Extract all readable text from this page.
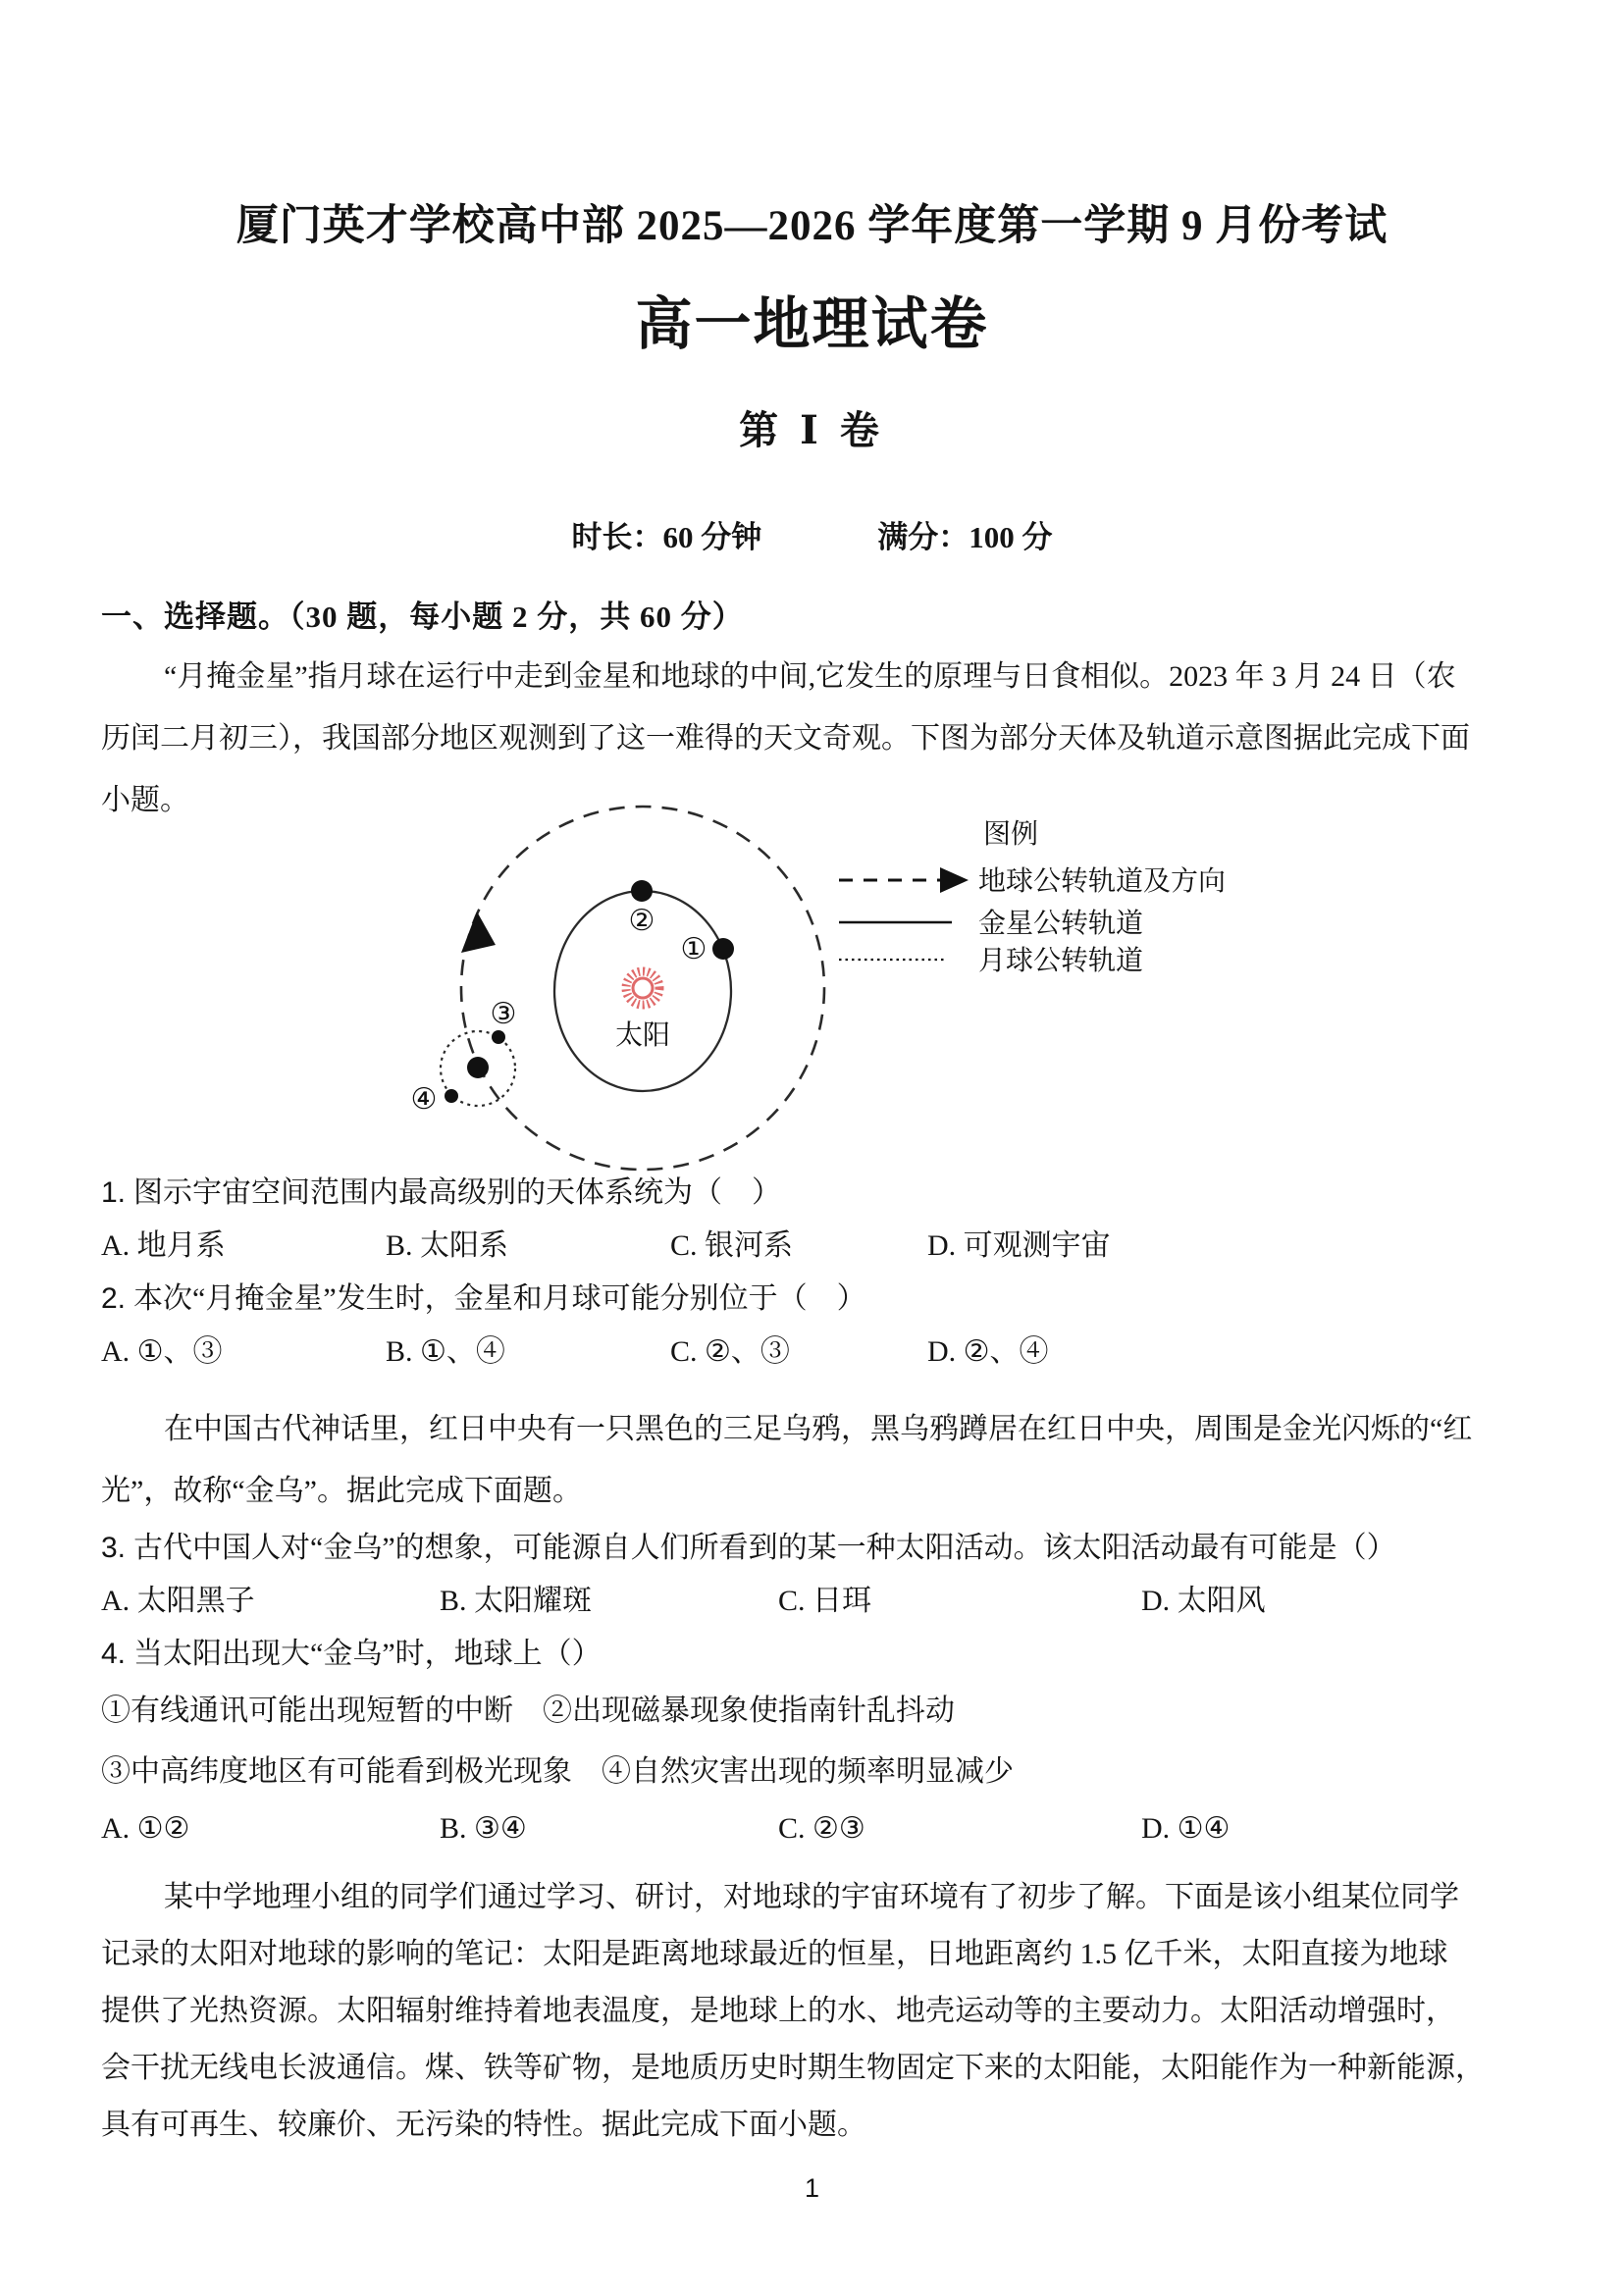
厦门英才学校高中部 2025—2026 学年度第一学期 9 月份考试
高一地理试卷
第 Ⅰ 卷
时长：60 分钟	满分：100 分
一、选择题。（30 题，每小题 2 分，共 60 分）
“月掩金星”指月球在运行中走到金星和地球的中间,它发生的原理与日食相似。2023 年 3 月 24 日（农
历闰二月初三），我国部分地区观测到了这一难得的天文奇观。下图为部分天体及轨道示意图据此完成下面
小题。
太阳
②
①
③
④
图例
地球公转轨道及方向
金星公转轨道
月球公转轨道
1. 图示宇宙空间范围内最高级别的天体系统为（　）
A. 地月系	B. 太阳系	C. 银河系	D. 可观测宇宙
2. 本次“月掩金星”发生时，金星和月球可能分别位于（　）
A. ①、③	B. ①、④	C. ②、③	D. ②、④
在中国古代神话里，红日中央有一只黑色的三足乌鸦，黑乌鸦蹲居在红日中央，周围是金光闪烁的“红
光”，故称“金乌”。据此完成下面题。
3. 古代中国人对“金乌”的想象，可能源自人们所看到的某一种太阳活动。该太阳活动最有可能是（）
A. 太阳黑子	B. 太阳耀斑	C. 日珥	D. 太阳风
4. 当太阳出现大“金乌”时，地球上（）
①有线通讯可能出现短暂的中断　②出现磁暴现象使指南针乱抖动
③中高纬度地区有可能看到极光现象　④自然灾害出现的频率明显减少
A. ①②	B. ③④	C. ②③	D. ①④
某中学地理小组的同学们通过学习、研讨，对地球的宇宙环境有了初步了解。下面是该小组某位同学
记录的太阳对地球的影响的笔记：太阳是距离地球最近的恒星，日地距离约 1.5 亿千米，太阳直接为地球
提供了光热资源。太阳辐射维持着地表温度，是地球上的水、地壳运动等的主要动力。太阳活动增强时，
会干扰无线电长波通信。煤、铁等矿物，是地质历史时期生物固定下来的太阳能，太阳能作为一种新能源，
具有可再生、较廉价、无污染的特性。据此完成下面小题。
1
